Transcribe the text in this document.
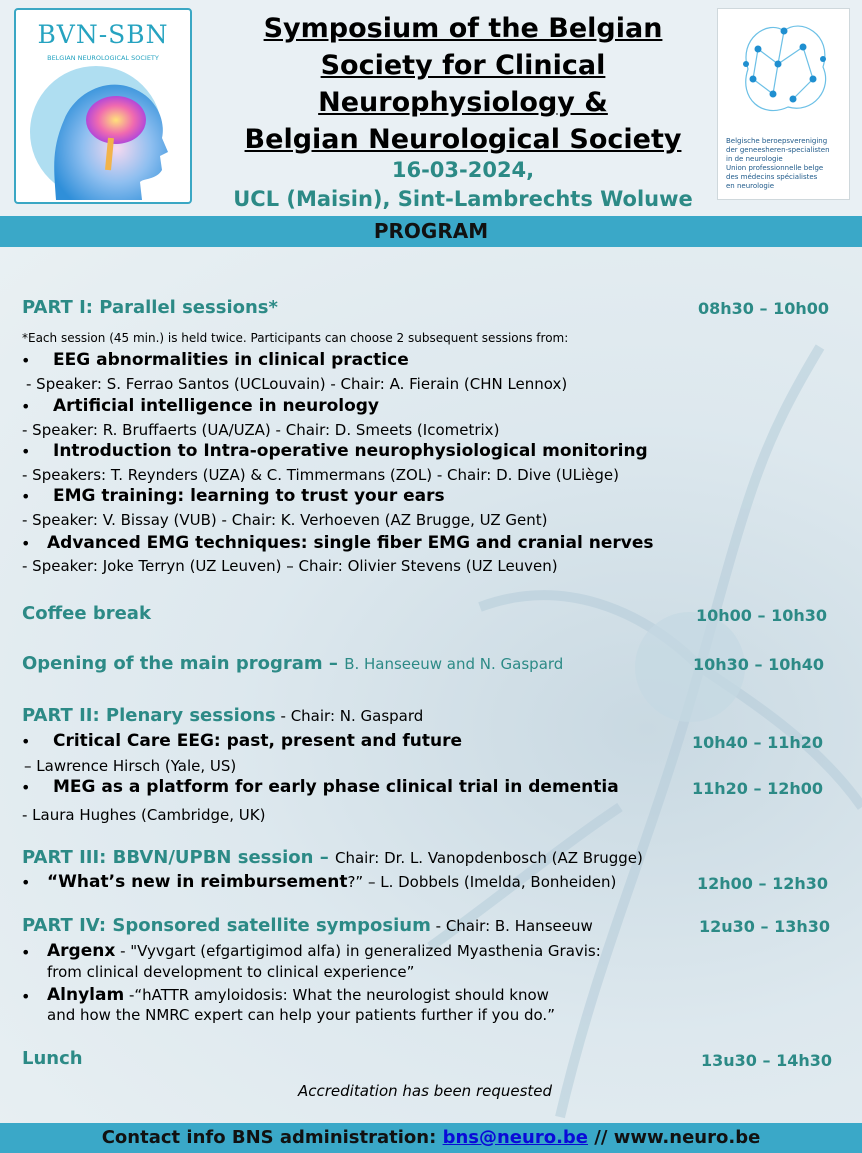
BVN-SBN
BELGIAN NEUROLOGICAL SOCIETY
Symposium of the Belgian
Society for Clinical
Neurophysiology &
Belgian Neurological Society
16-03-2024,
UCL (Maisin), Sint-Lambrechts Woluwe
Belgische beroepsvereniging
der geneesheren-specialisten
in de neurologie
Union professionnelle belge
des médecins spécialistes
en neurologie
PROGRAM
PART I: Parallel sessions*	08h30 – 10h00
*Each session (45 min.) is held twice. Participants can choose 2 subsequent sessions from:
• EEG abnormalities in clinical practice
- Speaker: S. Ferrao Santos (UCLouvain) - Chair: A. Fierain (CHN Lennox)
• Artificial intelligence in neurology
- Speaker: R. Bruffaerts (UA/UZA) - Chair: D. Smeets (Icometrix)
• Introduction to Intra-operative neurophysiological monitoring
- Speakers: T. Reynders (UZA) & C. Timmermans (ZOL) - Chair: D. Dive (ULiège)
• EMG training: learning to trust your ears
- Speaker: V. Bissay (VUB) - Chair: K. Verhoeven (AZ Brugge, UZ Gent)
• Advanced EMG techniques: single fiber EMG and cranial nerves
- Speaker: Joke Terryn (UZ Leuven) – Chair: Olivier Stevens (UZ Leuven)
Coffee break	10h00 – 10h30
Opening of the main program – B. Hanseeuw and N. Gaspard	10h30 – 10h40
PART II: Plenary sessions - Chair: N. Gaspard
• Critical Care EEG: past, present and future	10h40 – 11h20
– Lawrence Hirsch (Yale, US)
• MEG as a platform for early phase clinical trial in dementia	11h20 – 12h00
- Laura Hughes (Cambridge, UK)
PART III: BBVN/UPBN session – Chair: Dr. L. Vanopdenbosch (AZ Brugge)
• “What’s new in reimbursement?” – L. Dobbels (Imelda, Bonheiden)	12h00 – 12h30
PART IV: Sponsored satellite symposium - Chair: B. Hanseeuw	12u30 – 13h30
• Argenx - "Vyvgart (efgartigimod alfa) in generalized Myasthenia Gravis:
from clinical development to clinical experience”
• Alnylam -“hATTR amyloidosis: What the neurologist should know
and how the NMRC expert can help your patients further if you do.”
Lunch	13u30 – 14h30
Accreditation has been requested
Contact info BNS administration: bns@neuro.be // www.neuro.be
